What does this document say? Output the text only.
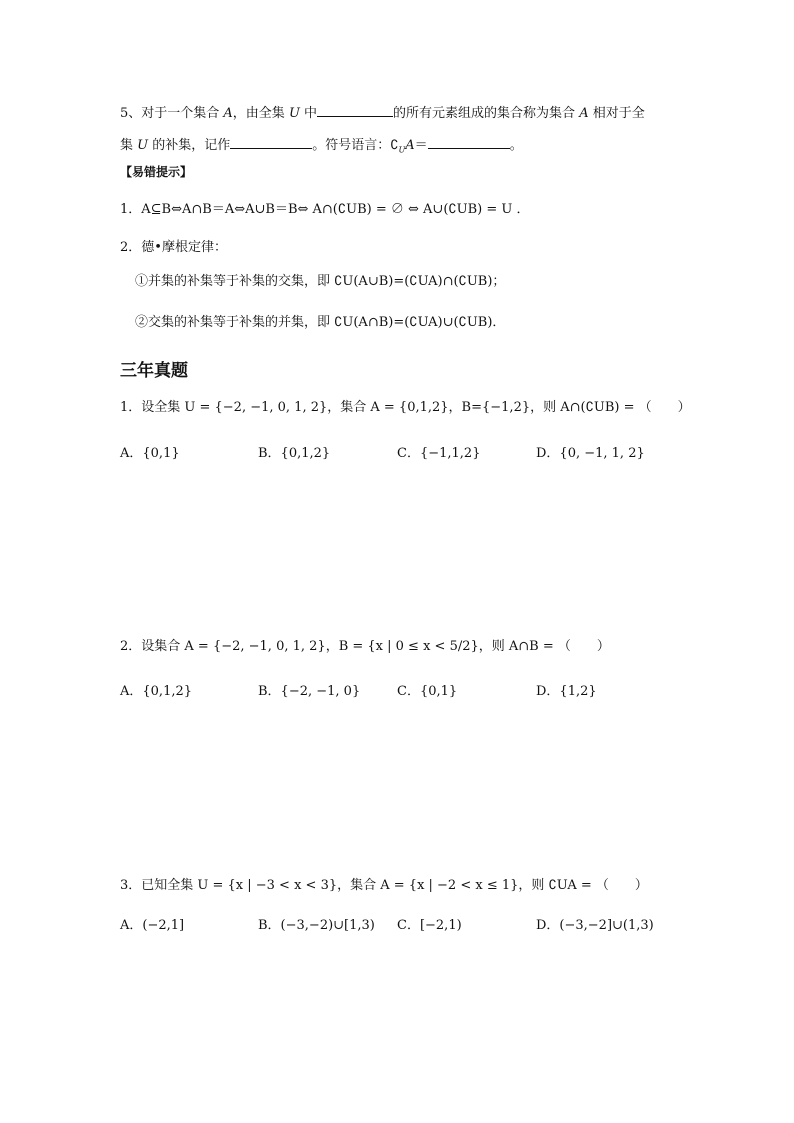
5、对于一个集合 A，由全集 U 中	的所有元素组成的集合称为集合 A 相对于全
集 U 的补集，记作	。符号语言：$∁_UA=$	。
【易错提示】
1．A⊆B⇔A∩B＝A⇔A∪B＝B⇔ A∩(∁UB) = ∅ ⇔ A∪(∁UB) = U ．
2．德•摩根定律：
①并集的补集等于补集的交集，即 ∁U(A∪B)=(∁UA)∩(∁UB)；
②交集的补集等于补集的并集，即 ∁U(A∩B)=(∁UA)∪(∁UB)．
三年真题
1．设全集 U = {−2, −1, 0, 1, 2}，集合 A = {0,1,2}，B={−1,2}，则 A∩(∁UB) = （　　）
A．{0,1}	B．{0,1,2}	C．{−1,1,2}	D．{0, −1, 1, 2}
2．设集合 A = {−2, −1, 0, 1, 2}，B = {x | 0 ≤ x < 5/2}，则 A∩B = （　　）
A．{0,1,2}	B．{−2, −1, 0}	C．{0,1}	D．{1,2}
3．已知全集 U = {x | −3 < x < 3}，集合 A = {x | −2 < x ≤ 1}，则 ∁UA = （　　）
A．(−2,1]	B．(−3,−2)∪[1,3) C．[−2,1)	D．(−3,−2]∪(1,3)
